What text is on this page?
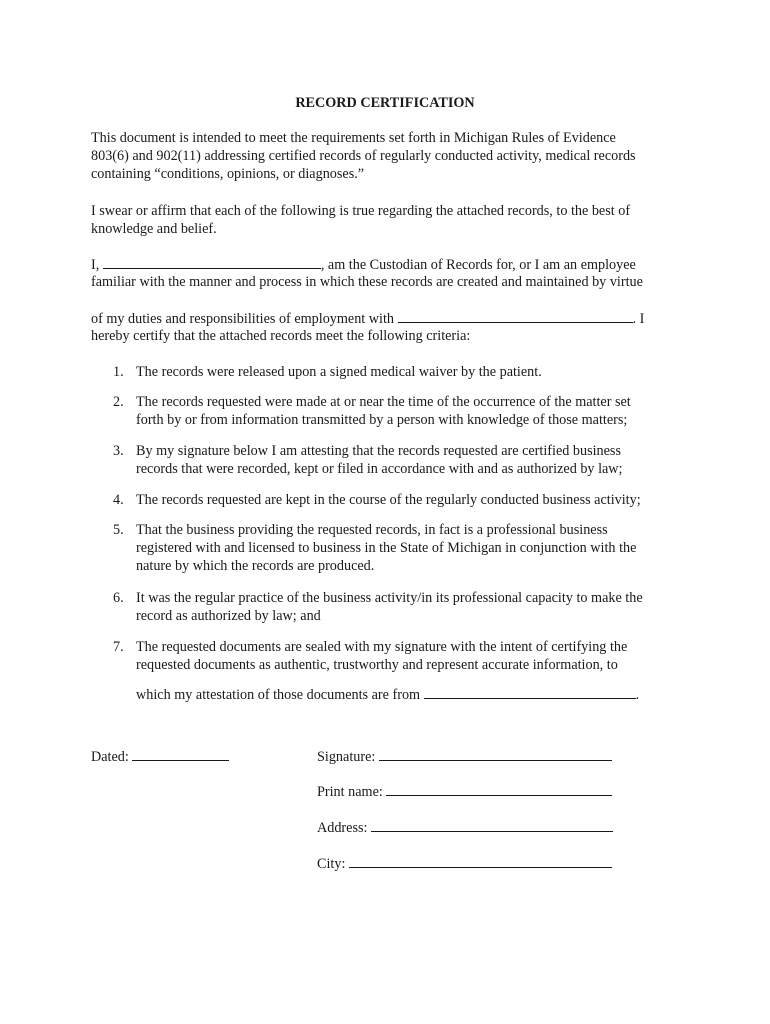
RECORD CERTIFICATION
This document is intended to meet the requirements set forth in Michigan Rules of Evidence
803(6) and 902(11) addressing certified records of regularly conducted activity, medical records
containing “conditions, opinions, or diagnoses.”
I swear or affirm that each of the following is true regarding the attached records, to the best of
knowledge and belief.
I,	, am the Custodian of Records for, or I am an employee
familiar with the manner and process in which these records are created and maintained by virtue
of my duties and responsibilities of employment with	. I
hereby certify that the attached records meet the following criteria:
1. The records were released upon a signed medical waiver by the patient.
2. The records requested were made at or near the time of the occurrence of the matter set
forth by or from information transmitted by a person with knowledge of those matters;
3. By my signature below I am attesting that the records requested are certified business
records that were recorded, kept or filed in accordance with and as authorized by law;
4. The records requested are kept in the course of the regularly conducted business activity;
5. That the business providing the requested records, in fact is a professional business
registered with and licensed to business in the State of Michigan in conjunction with the
nature by which the records are produced.
6. It was the regular practice of the business activity/in its professional capacity to make the
record as authorized by law; and
7. The requested documents are sealed with my signature with the intent of certifying the
requested documents as authentic, trustworthy and represent accurate information, to
which my attestation of those documents are from	.
Dated:	Signature:
Print name:
Address:
City:
